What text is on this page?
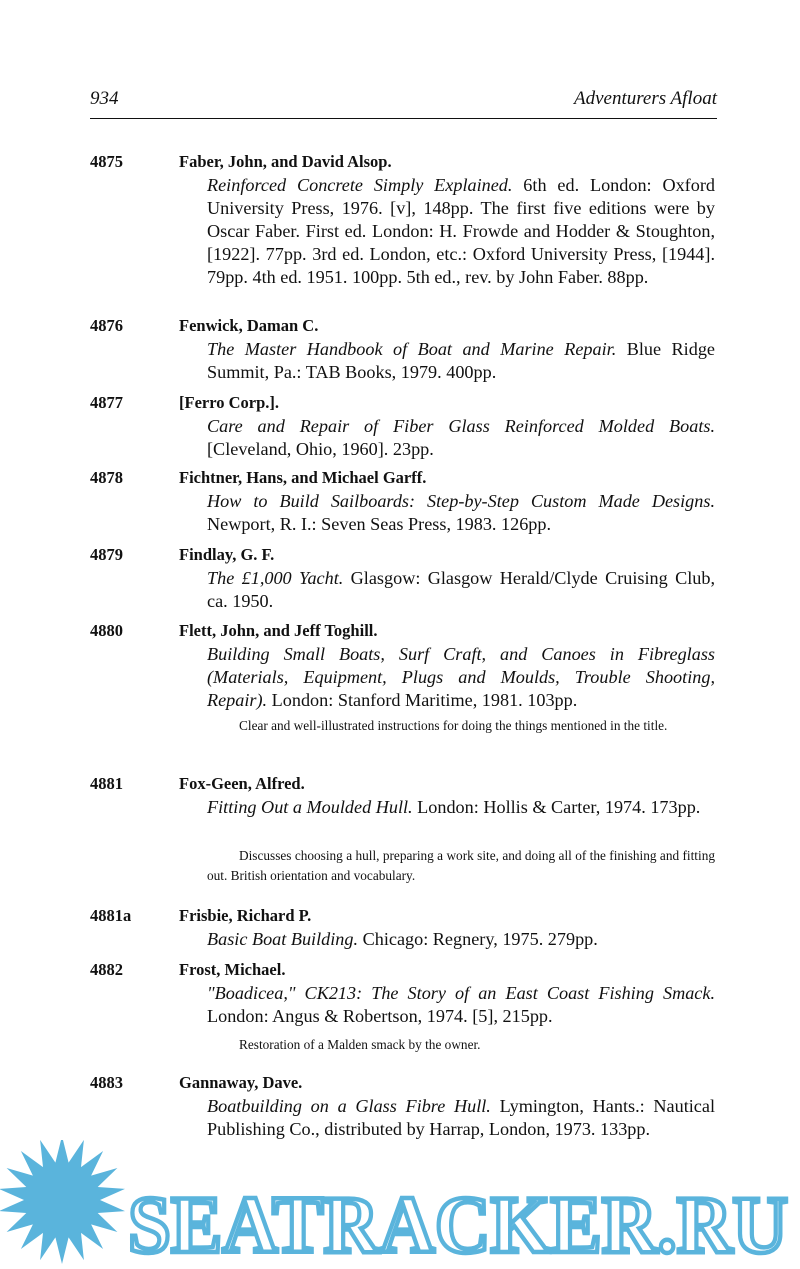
934	Adventurers Afloat
4875	Faber, John, and David Alsop.
Reinforced Concrete Simply Explained. 6th ed. London: Oxford University Press, 1976. [v], 148pp. The first five editions were by Oscar Faber. First ed. London: H. Frowde and Hodder & Stoughton, [1922]. 77pp. 3rd ed. London, etc.: Oxford University Press, [1944]. 79pp. 4th ed. 1951. 100pp. 5th ed., rev. by John Faber. 88pp.
4876	Fenwick, Daman C.
The Master Handbook of Boat and Marine Repair. Blue Ridge Summit, Pa.: TAB Books, 1979. 400pp.
4877	[Ferro Corp.].
Care and Repair of Fiber Glass Reinforced Molded Boats. [Cleveland, Ohio, 1960]. 23pp.
4878	Fichtner, Hans, and Michael Garff.
How to Build Sailboards: Step-by-Step Custom Made Designs. Newport, R. I.: Seven Seas Press, 1983. 126pp.
4879	Findlay, G. F.
The £1,000 Yacht. Glasgow: Glasgow Herald/Clyde Cruising Club, ca. 1950.
4880	Flett, John, and Jeff Toghill.
Building Small Boats, Surf Craft, and Canoes in Fibreglass (Materials, Equipment, Plugs and Moulds, Trouble Shooting, Repair). London: Stanford Maritime, 1981. 103pp.
Clear and well-illustrated instructions for doing the things mentioned in the title.
4881	Fox-Geen, Alfred.
Fitting Out a Moulded Hull. London: Hollis & Carter, 1974. 173pp.
Discusses choosing a hull, preparing a work site, and doing all of the finishing and fitting out. British orientation and vocabulary.
4881a	Frisbie, Richard P.
Basic Boat Building. Chicago: Regnery, 1975. 279pp.
4882	Frost, Michael.
"Boadicea," CK213: The Story of an East Coast Fishing Smack. London: Angus & Robertson, 1974. [5], 215pp.
Restoration of a Malden smack by the owner.
4883	Gannaway, Dave.
Boatbuilding on a Glass Fibre Hull. Lymington, Hants.: Nautical Publishing Co., distributed by Harrap, London, 1973. 133pp.
SEATRACKER.RU
